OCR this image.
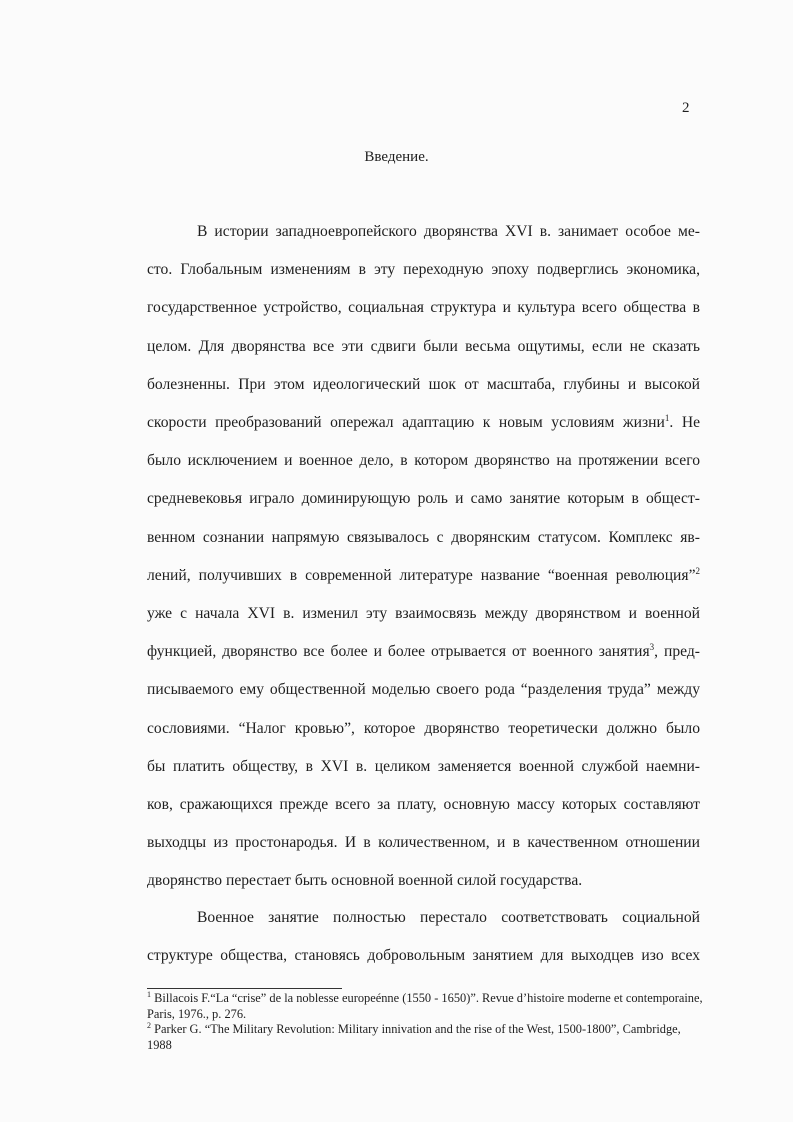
2
Введение.

В истории западноевропейского дворянства XVI в. занимает особое ме-

сто. Глобальным изменениям в эту переходную эпоху подверглись экономика,

государственное устройство, социальная структура и культура всего общества в

целом. Для дворянства все эти сдвиги были весьма ощутимы, если не сказать

болезненны. При этом идеологический шок от масштаба, глубины и высокой

скорости преобразований опережал адаптацию к новым условиям жизни$^1$. Не

было исключением и военное дело, в котором дворянство на протяжении всего

средневековья играло доминирующую роль и само занятие которым в общест-

венном сознании напрямую связывалось с дворянским статусом. Комплекс яв-

лений, получивших в современной литературе название “военная революция”$^2$

уже с начала XVI в. изменил эту взаимосвязь между дворянством и военной

функцией, дворянство все более и более отрывается от военного занятия$^3$, пред-

писываемого ему общественной моделью своего рода “разделения труда” между

сословиями. “Налог кровью”, которое дворянство теоретически должно было

бы платить обществу, в XVI в. целиком заменяется военной службой наемни-

ков, сражающихся прежде всего за плату, основную массу которых составляют

выходцы из простонародья. И в количественном, и в качественном отношении

дворянство перестает быть основной военной силой государства.

Военное занятие полностью перестало соответствовать социальной

структуре общества, становясь добровольным занятием для выходцев изо всех

$^1$ Billacois F.“La “crise” de la noblesse europeénne (1550 - 1650)”. Revue d’histoire moderne et contemporaine, Paris, 1976., p. 276.

$^2$ Parker G. “The Military Revolution: Military innivation and the rise of the West, 1500-1800”, Cambridge, 1988
